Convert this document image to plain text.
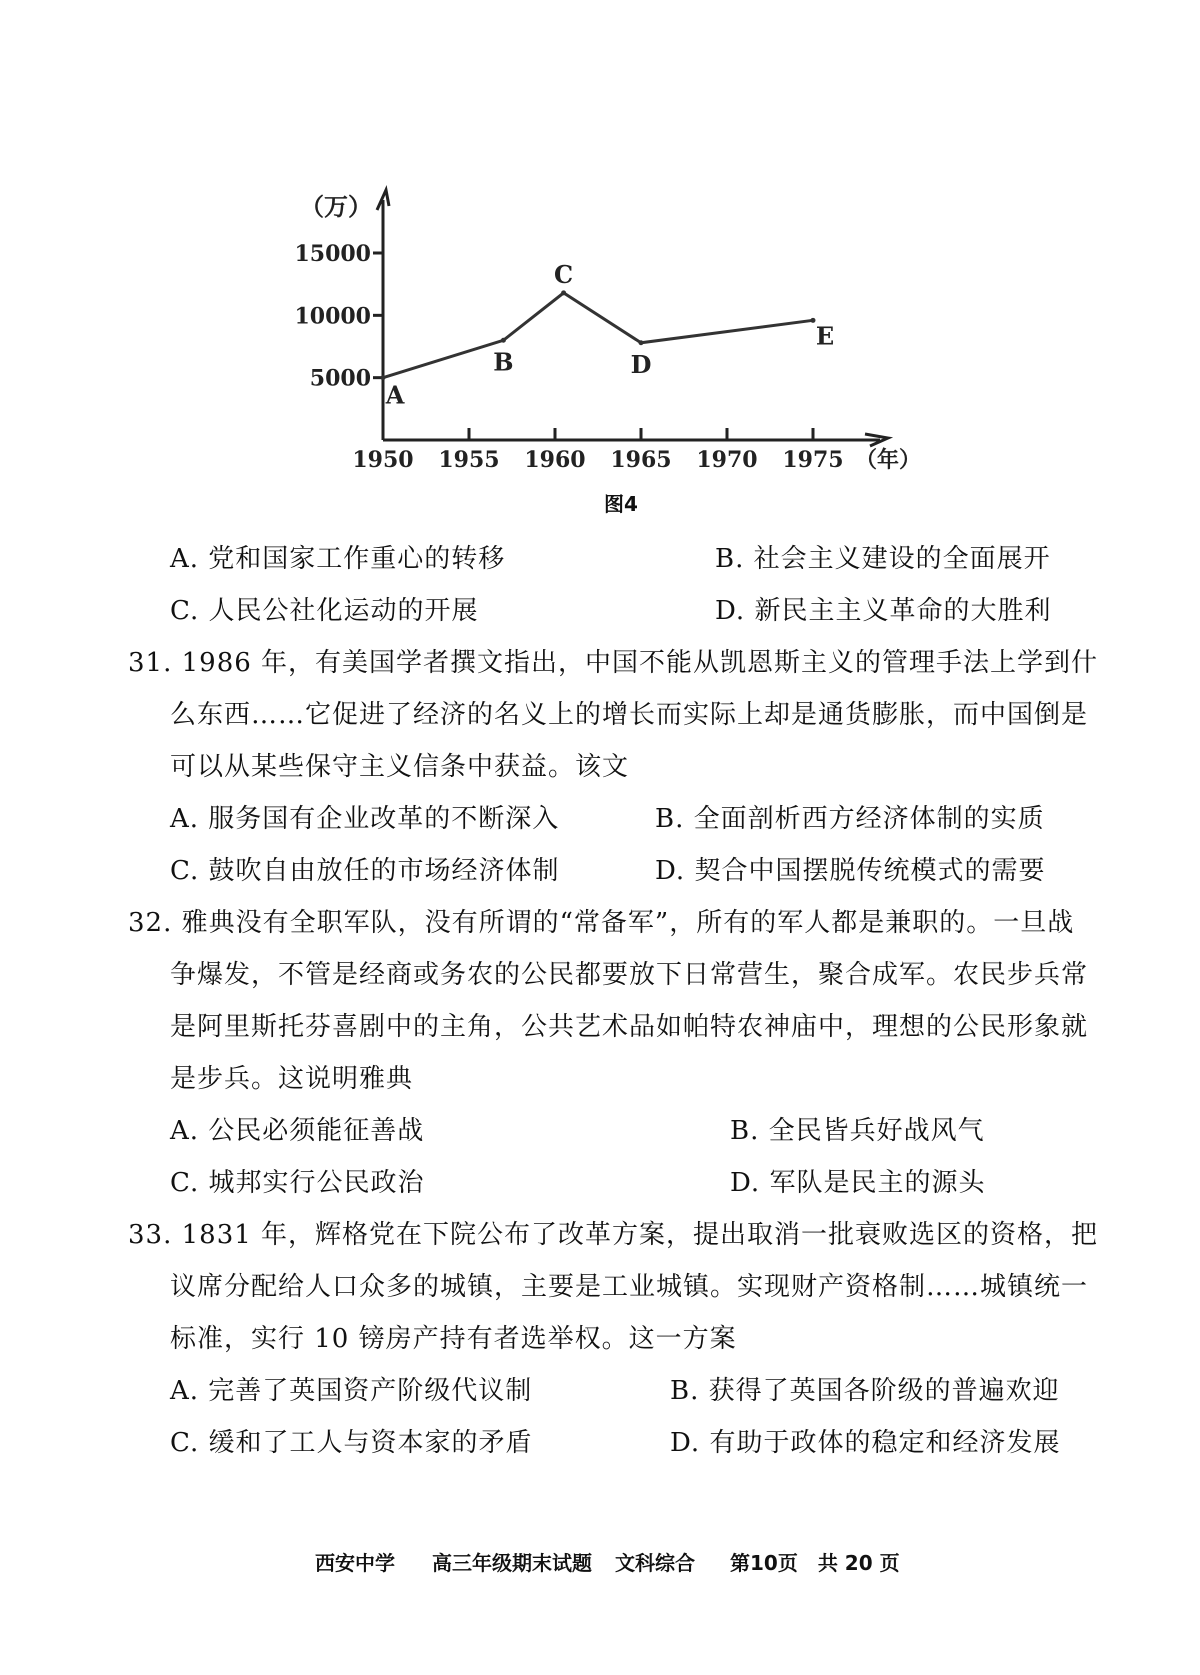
（万）
（年）
1950 1955 1960 1965 1970 1975
5000
10000
15000
A
B
C
D
E
图4
A. 党和国家工作重心的转移	B. 社会主义建设的全面展开
C. 人民公社化运动的开展	D. 新民主主义革命的大胜利
31. 1986 年，有美国学者撰文指出，中国不能从凯恩斯主义的管理手法上学到什
么东西……它促进了经济的名义上的增长而实际上却是通货膨胀，而中国倒是
可以从某些保守主义信条中获益。该文
A. 服务国有企业改革的不断深入	B. 全面剖析西方经济体制的实质
C. 鼓吹自由放任的市场经济体制	D. 契合中国摆脱传统模式的需要
32. 雅典没有全职军队，没有所谓的“常备军”，所有的军人都是兼职的。一旦战
争爆发，不管是经商或务农的公民都要放下日常营生，聚合成军。农民步兵常
是阿里斯托芬喜剧中的主角，公共艺术品如帕特农神庙中，理想的公民形象就
是步兵。这说明雅典
A. 公民必须能征善战	B. 全民皆兵好战风气
C. 城邦实行公民政治	D. 军队是民主的源头
33. 1831 年，辉格党在下院公布了改革方案，提出取消一批衰败选区的资格，把
议席分配给人口众多的城镇，主要是工业城镇。实现财产资格制……城镇统一
标准，实行 10 镑房产持有者选举权。这一方案
A. 完善了英国资产阶级代议制	B. 获得了英国各阶级的普遍欢迎
C. 缓和了工人与资本家的矛盾	D. 有助于政体的稳定和经济发展
西安中学 高三年级期末试题 文科综合 第10页　共 20 页
